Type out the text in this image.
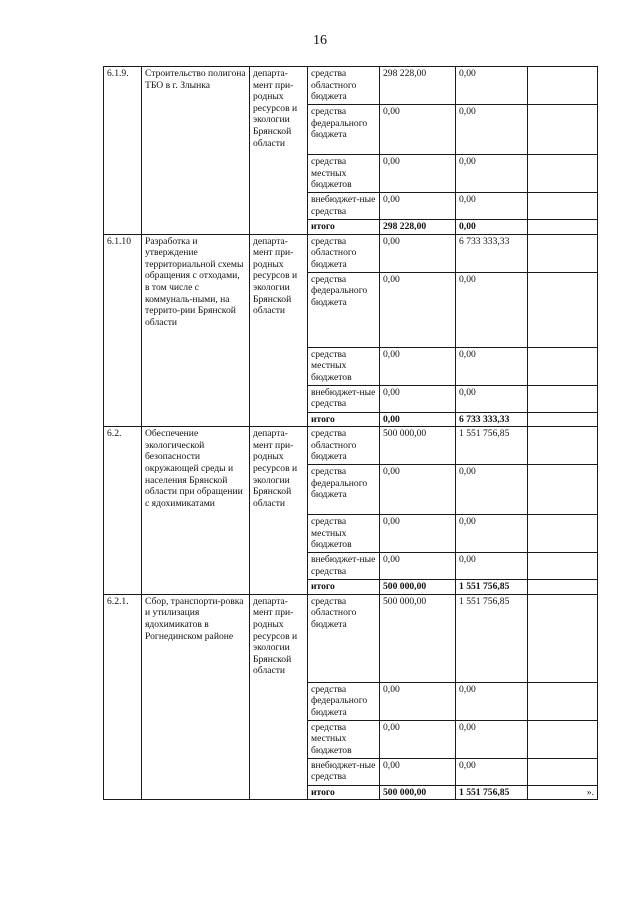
16
6.1.9.	Строительство полигона ТБО в г. Злынка	департа-мент при-родных ресурсов и экологии Брянской области	средства областного бюджета	298 228,00	0,00	
			средства федерального бюджета	0,00	0,00	
			средства местных бюджетов	0,00	0,00	
			внебюджет-ные средства	0,00	0,00	
			итого	298 228,00	0,00	
6.1.10	Разработка и утверждение территориальной схемы обращения с отходами, в том числе с коммуналь-ными, на террито-рии Брянской области	департа-мент при-родных ресурсов и экологии Брянской области	средства областного бюджета	0,00	6 733 333,33	
			средства федерального бюджета	0,00	0,00	
			средства местных бюджетов	0,00	0,00	
			внебюджет-ные средства	0,00	0,00	
			итого	0,00	6 733 333,33	
6.2.	Обеспечение экологической безопасности окружающей среды и населения Брянской области при обращении с ядохимикатами	департа-мент при-родных ресурсов и экологии Брянской области	средства областного бюджета	500 000,00	1 551 756,85	
			средства федерального бюджета	0,00	0,00	
			средства местных бюджетов	0,00	0,00	
			внебюджет-ные средства	0,00	0,00	
			итого	500 000,00	1 551 756,85	
6.2.1.	Сбор, транспорти-ровка и утилизация ядохимикатов в Рогнединском районе	департа-мент при-родных ресурсов и экологии Брянской области	средства областного бюджета	500 000,00	1 551 756,85	
			средства федерального бюджета	0,00	0,00	
			средства местных бюджетов	0,00	0,00	
			внебюджет-ные средства	0,00	0,00	
			итого	500 000,00	1 551 756,85	».
